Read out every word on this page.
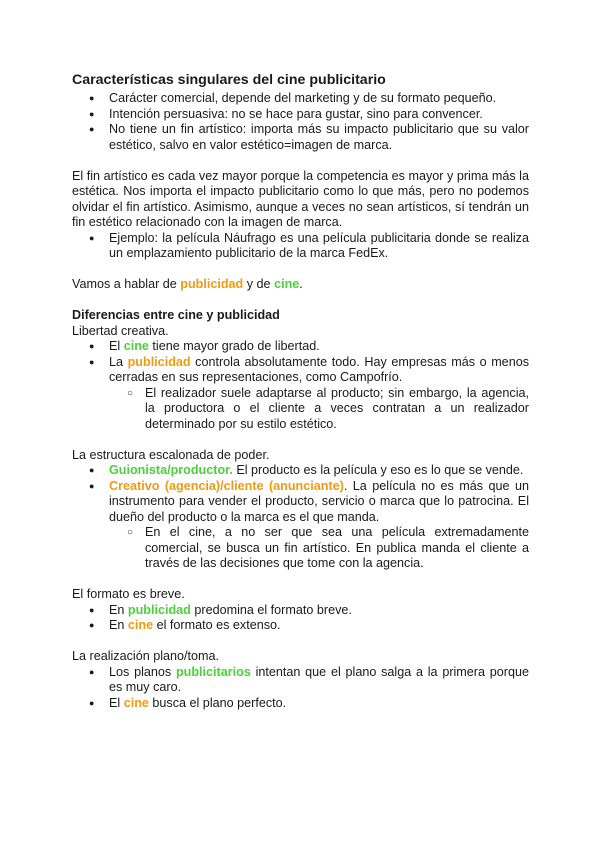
Características singulares del cine publicitario
● Carácter comercial, depende del marketing y de su formato pequeño.
● Intención persuasiva: no se hace para gustar, sino para convencer.
● No tiene un fin artístico: importa más su impacto publicitario que su valor estético, salvo en valor estético=imagen de marca.

El fin artístico es cada vez mayor porque la competencia es mayor y prima más la estética. Nos importa el impacto publicitario como lo que más, pero no podemos olvidar el fin artístico. Asimismo, aunque a veces no sean artísticos, sí tendrán un fin estético relacionado con la imagen de marca.

● Ejemplo: la película Náufrago es una película publicitaria donde se realiza un emplazamiento publicitario de la marca FedEx.

Vamos a hablar de publicidad y de cine.

Diferencias entre cine y publicidad

Libertad creativa.

● El cine tiene mayor grado de libertad.
● La publicidad controla absolutamente todo. Hay empresas más o menos cerradas en sus representaciones, como Campofrío.
○ El realizador suele adaptarse al producto; sin embargo, la agencia, la productora o el cliente a veces contratan a un realizador determinado por su estilo estético.

La estructura escalonada de poder.

● Guionista/productor. El producto es la película y eso es lo que se vende.
● Creativo (agencia)/cliente (anunciante). La película no es más que un instrumento para vender el producto, servicio o marca que lo patrocina. El dueño del producto o la marca es el que manda.
○ En el cine, a no ser que sea una película extremadamente comercial, se busca un fin artístico. En publica manda el cliente a través de las decisiones que tome con la agencia.

El formato es breve.

● En publicidad predomina el formato breve.
● En cine el formato es extenso.

La realización plano/toma.

● Los planos publicitarios intentan que el plano salga a la primera porque es muy caro.
● El cine busca el plano perfecto.
